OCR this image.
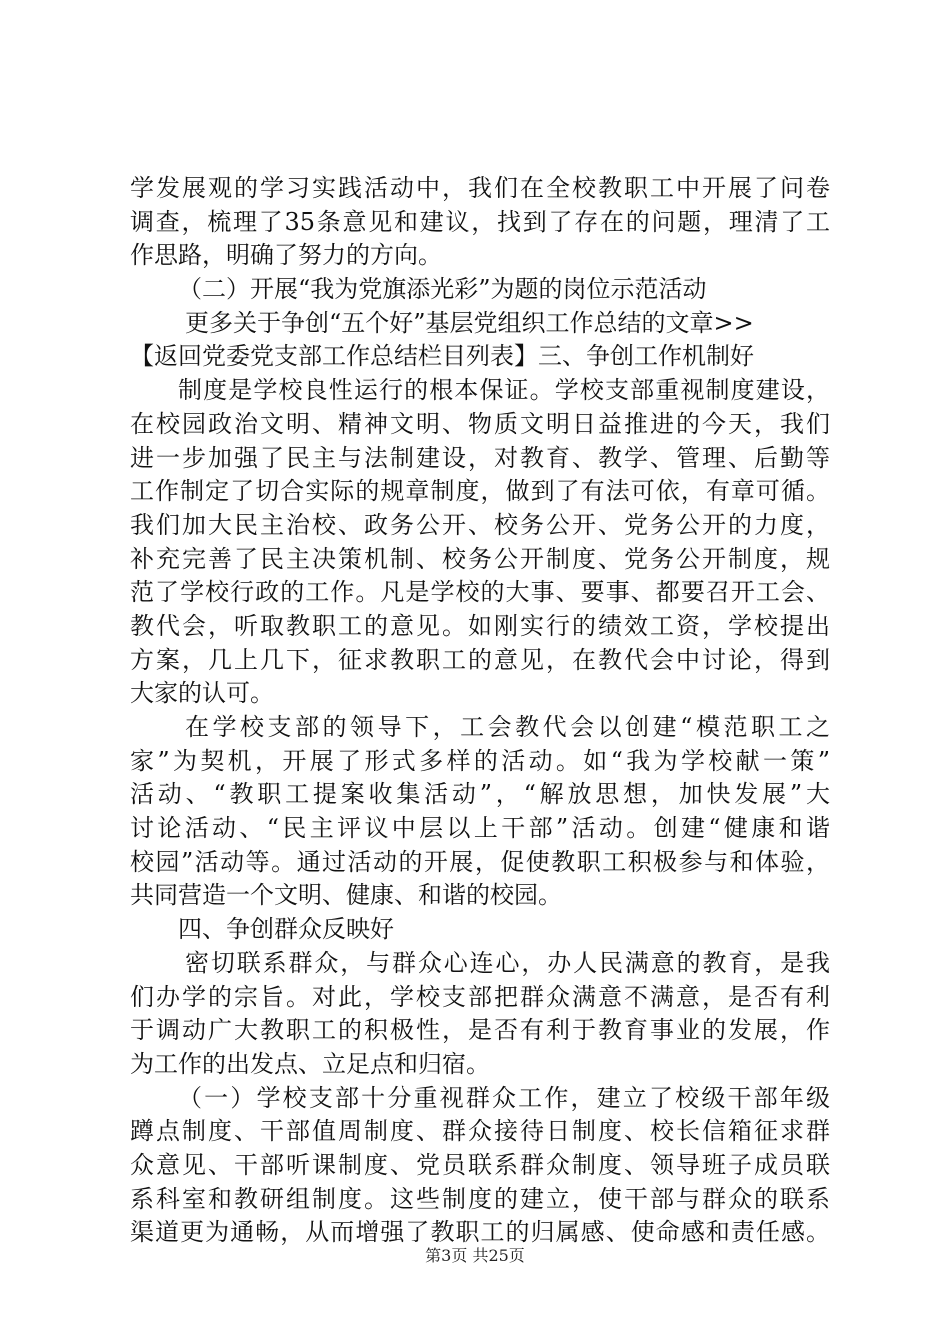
学发展观的学习实践活动中，我们在全校教职工中开展了问卷
调查，梳理了35条意见和建议，找到了存在的问题，理清了工
作思路，明确了努力的方向。
（二）开展“我为党旗添光彩”为题的岗位示范活动
更多关于争创“五个好”基层党组织工作总结的文章>>
【返回党委党支部工作总结栏目列表】三、争创工作机制好
制度是学校良性运行的根本保证。学校支部重视制度建设，
在校园政治文明、精神文明、物质文明日益推进的今天，我们
进一步加强了民主与法制建设，对教育、教学、管理、后勤等
工作制定了切合实际的规章制度，做到了有法可依，有章可循。
我们加大民主治校、政务公开、校务公开、党务公开的力度，
补充完善了民主决策机制、校务公开制度、党务公开制度，规
范了学校行政的工作。凡是学校的大事、要事、都要召开工会、
教代会，听取教职工的意见。如刚实行的绩效工资，学校提出
方案，几上几下，征求教职工的意见，在教代会中讨论，得到
大家的认可。
在学校支部的领导下，工会教代会以创建“模范职工之
家”为契机，开展了形式多样的活动。如“我为学校献一策”
活动、“教职工提案收集活动”，“解放思想，加快发展”大
讨论活动、“民主评议中层以上干部”活动。创建“健康和谐
校园”活动等。通过活动的开展，促使教职工积极参与和体验，
共同营造一个文明、健康、和谐的校园。
四、争创群众反映好
密切联系群众，与群众心连心，办人民满意的教育，是我
们办学的宗旨。对此，学校支部把群众满意不满意，是否有利
于调动广大教职工的积极性，是否有利于教育事业的发展，作
为工作的出发点、立足点和归宿。
（一）学校支部十分重视群众工作，建立了校级干部年级
蹲点制度、干部值周制度、群众接待日制度、校长信箱征求群
众意见、干部听课制度、党员联系群众制度、领导班子成员联
系科室和教研组制度。这些制度的建立，使干部与群众的联系
渠道更为通畅，从而增强了教职工的归属感、使命感和责任感。
第3页 共25页
